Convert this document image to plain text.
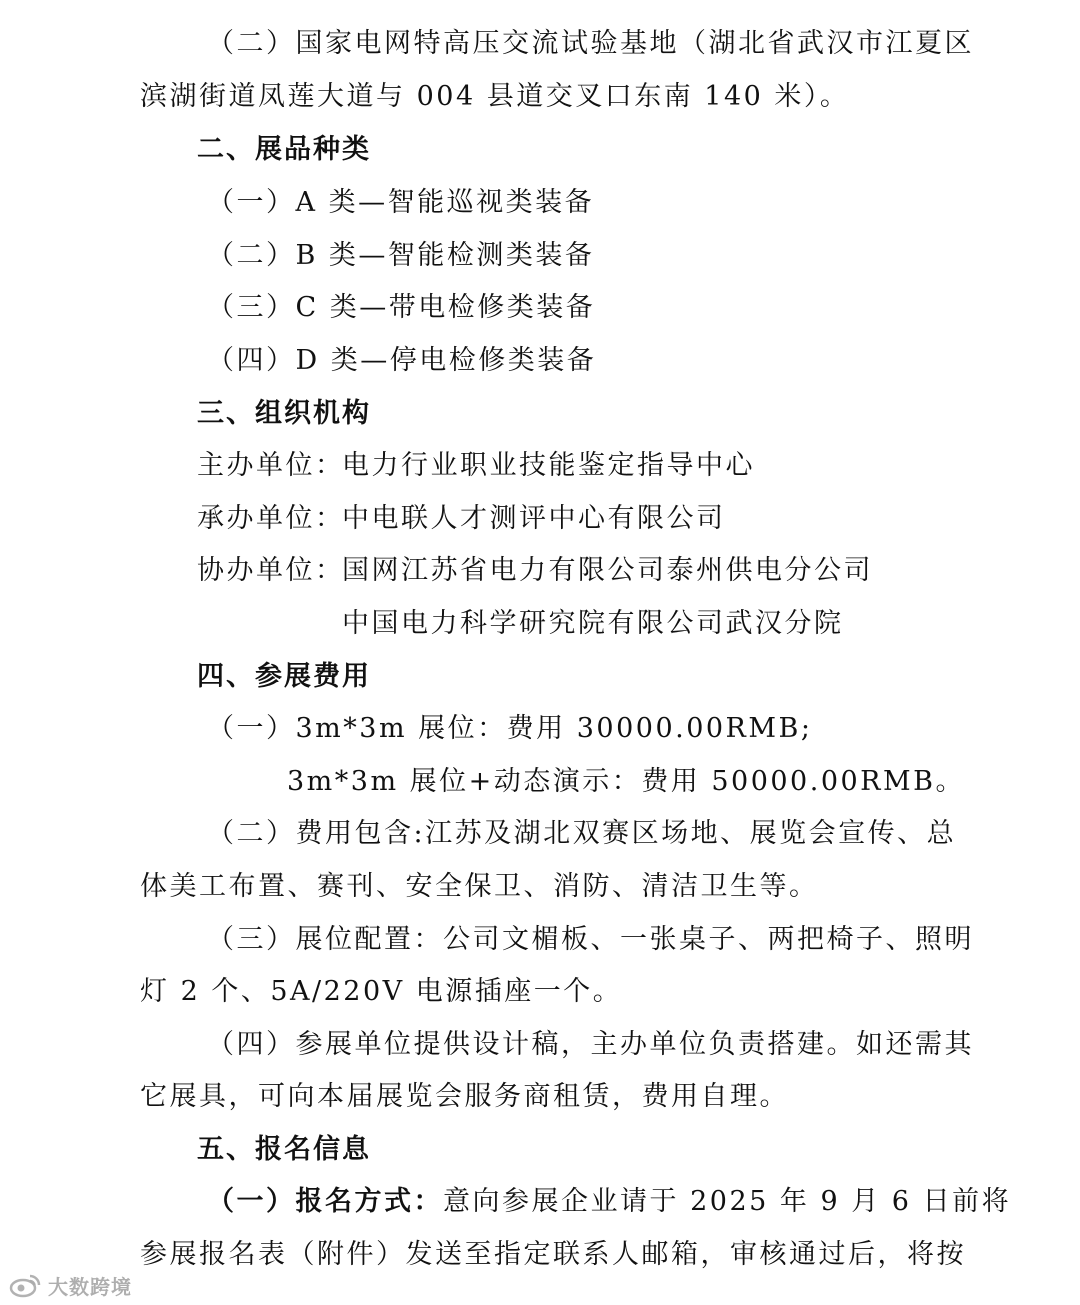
（二）国家电网特高压交流试验基地（湖北省武汉市江夏区
滨湖街道凤莲大道与 004 县道交叉口东南 140 米）。
二、展品种类
（一）A 类—智能巡视类装备
（二）B 类—智能检测类装备
（三）C 类—带电检修类装备
（四）D 类—停电检修类装备
三、组织机构
主办单位：
电力行业职业技能鉴定指导中心
承办单位：
中电联人才测评中心有限公司
协办单位：
国网江苏省电力有限公司泰州供电分公司
中国电力科学研究院有限公司武汉分院
四、参展费用
（一）3m*3m 展位：费用 30000.00RMB;
3m*3m 展位+动态演示：费用 50000.00RMB。
（二）费用包含:江苏及湖北双赛区场地、展览会宣传、总
体美工布置、赛刊、安全保卫、消防、清洁卫生等。
（三）展位配置：公司文楣板、一张桌子、两把椅子、照明
灯 2 个、5A/220V 电源插座一个。
（四）参展单位提供设计稿，主办单位负责搭建。如还需其
它展具，可向本届展览会服务商租赁，费用自理。
五、报名信息
（一）报名方式：意向参展企业请于 2025 年 9 月 6 日前将
参展报名表（附件）发送至指定联系人邮箱，审核通过后，将按
大数跨境
